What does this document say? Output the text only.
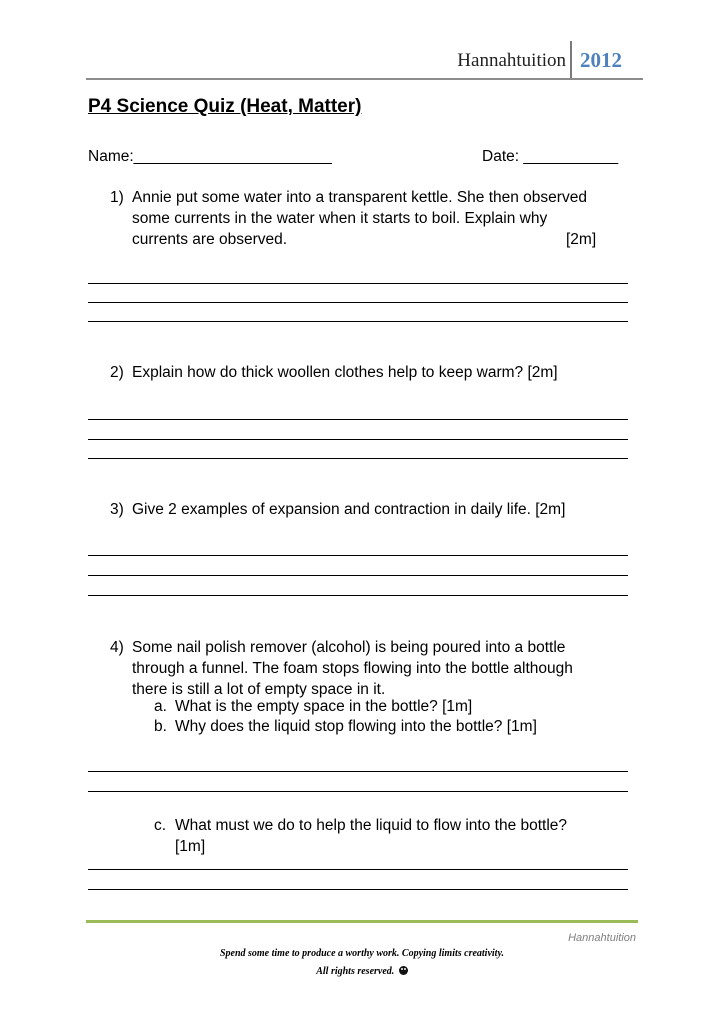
Hannahtuition 2012
P4 Science Quiz (Heat, Matter)
Name:_______________________	Date: ___________
1) Annie put some water into a transparent kettle. She then observed
some currents in the water when it starts to boil. Explain why
currents are observed.	[2m]
2) Explain how do thick woollen clothes help to keep warm? [2m]
3) Give 2 examples of expansion and contraction in daily life. [2m]
4) Some nail polish remover (alcohol) is being poured into a bottle
through a funnel. The foam stops flowing into the bottle although
there is still a lot of empty space in it.
a. What is the empty space in the bottle? [1m]
b. Why does the liquid stop flowing into the bottle? [1m]
c. What must we do to help the liquid to flow into the bottle?
[1m]
Hannahtuition
Spend some time to produce a worthy work. Copying limits creativity.
All rights reserved.
